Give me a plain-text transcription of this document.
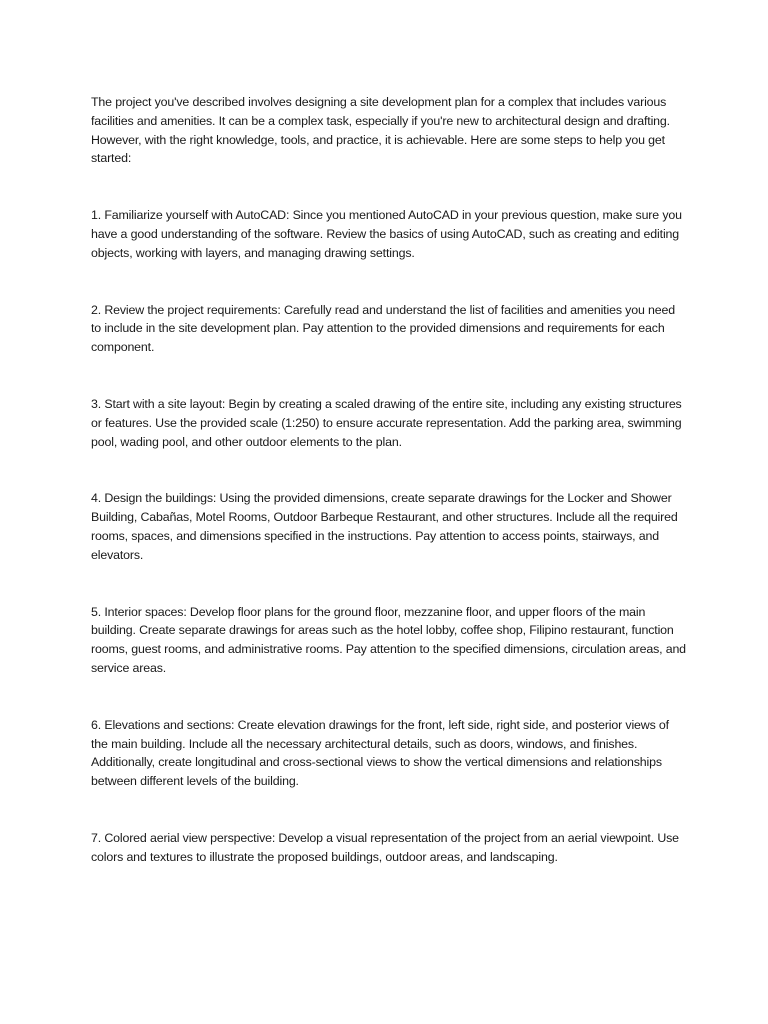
The project you've described involves designing a site development plan for a complex that includes various facilities and amenities. It can be a complex task, especially if you're new to architectural design and drafting. However, with the right knowledge, tools, and practice, it is achievable. Here are some steps to help you get started:

1. Familiarize yourself with AutoCAD: Since you mentioned AutoCAD in your previous question, make sure you have a good understanding of the software. Review the basics of using AutoCAD, such as creating and editing objects, working with layers, and managing drawing settings.

2. Review the project requirements: Carefully read and understand the list of facilities and amenities you need to include in the site development plan. Pay attention to the provided dimensions and requirements for each component.

3. Start with a site layout: Begin by creating a scaled drawing of the entire site, including any existing structures or features. Use the provided scale (1:250) to ensure accurate representation. Add the parking area, swimming pool, wading pool, and other outdoor elements to the plan.

4. Design the buildings: Using the provided dimensions, create separate drawings for the Locker and Shower Building, Cabañas, Motel Rooms, Outdoor Barbeque Restaurant, and other structures. Include all the required rooms, spaces, and dimensions specified in the instructions. Pay attention to access points, stairways, and elevators.

5. Interior spaces: Develop floor plans for the ground floor, mezzanine floor, and upper floors of the main building. Create separate drawings for areas such as the hotel lobby, coffee shop, Filipino restaurant, function rooms, guest rooms, and administrative rooms. Pay attention to the specified dimensions, circulation areas, and service areas.

6. Elevations and sections: Create elevation drawings for the front, left side, right side, and posterior views of the main building. Include all the necessary architectural details, such as doors, windows, and finishes. Additionally, create longitudinal and cross-sectional views to show the vertical dimensions and relationships between different levels of the building.

7. Colored aerial view perspective: Develop a visual representation of the project from an aerial viewpoint. Use colors and textures to illustrate the proposed buildings, outdoor areas, and landscaping.
